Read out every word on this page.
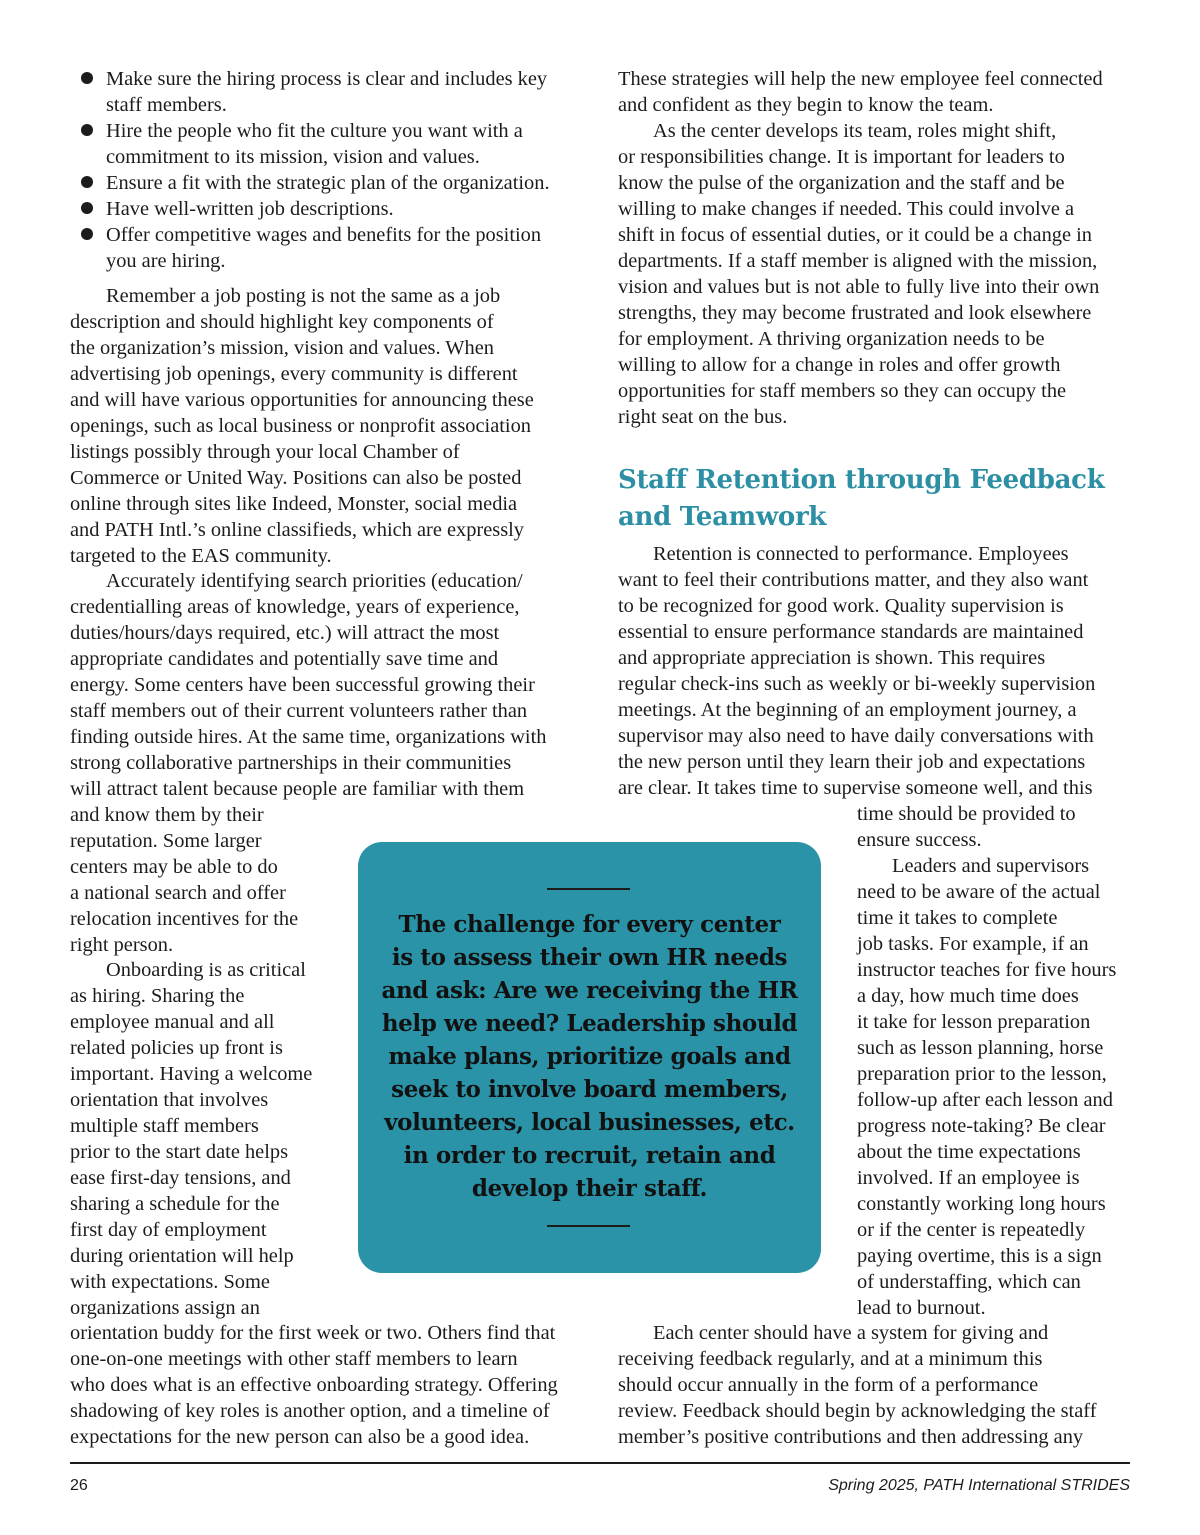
Make sure the hiring process is clear and includes key
staff members.
Hire the people who fit the culture you want with a
commitment to its mission, vision and values.
Ensure a fit with the strategic plan of the organization.
Have well-written job descriptions.
Offer competitive wages and benefits for the position
you are hiring.
Remember a job posting is not the same as a job
description and should highlight key components of
the organization’s mission, vision and values. When
advertising job openings, every community is different
and will have various opportunities for announcing these
openings, such as local business or nonprofit association
listings possibly through your local Chamber of
Commerce or United Way. Positions can also be posted
online through sites like Indeed, Monster, social media
and PATH Intl.’s online classifieds, which are expressly
targeted to the EAS community.
Accurately identifying search priorities (education/
credentialling areas of knowledge, years of experience,
duties/hours/days required, etc.) will attract the most
appropriate candidates and potentially save time and
energy. Some centers have been successful growing their
staff members out of their current volunteers rather than
finding outside hires. At the same time, organizations with
strong collaborative partnerships in their communities
will attract talent because people are familiar with them
and know them by their
reputation. Some larger
centers may be able to do
a national search and offer
relocation incentives for the
right person.
Onboarding is as critical
as hiring. Sharing the
employee manual and all
related policies up front is
important. Having a welcome
orientation that involves
multiple staff members
prior to the start date helps
ease first-day tensions, and
sharing a schedule for the
first day of employment
during orientation will help
with expectations. Some
organizations assign an
orientation buddy for the first week or two. Others find that
one-on-one meetings with other staff members to learn
who does what is an effective onboarding strategy. Offering
shadowing of key roles is another option, and a timeline of
expectations for the new person can also be a good idea.
These strategies will help the new employee feel connected
and confident as they begin to know the team.
As the center develops its team, roles might shift,
or responsibilities change. It is important for leaders to
know the pulse of the organization and the staff and be
willing to make changes if needed. This could involve a
shift in focus of essential duties, or it could be a change in
departments. If a staff member is aligned with the mission,
vision and values but is not able to fully live into their own
strengths, they may become frustrated and look elsewhere
for employment. A thriving organization needs to be
willing to allow for a change in roles and offer growth
opportunities for staff members so they can occupy the
right seat on the bus.
Staff Retention through Feedback
and Teamwork
Retention is connected to performance. Employees
want to feel their contributions matter, and they also want
to be recognized for good work. Quality supervision is
essential to ensure performance standards are maintained
and appropriate appreciation is shown. This requires
regular check-ins such as weekly or bi-weekly supervision
meetings. At the beginning of an employment journey, a
supervisor may also need to have daily conversations with
the new person until they learn their job and expectations
are clear. It takes time to supervise someone well, and this
time should be provided to
ensure success.
Leaders and supervisors
need to be aware of the actual
time it takes to complete
job tasks. For example, if an
instructor teaches for five hours
a day, how much time does
it take for lesson preparation
such as lesson planning, horse
preparation prior to the lesson,
follow-up after each lesson and
progress note-taking? Be clear
about the time expectations
involved. If an employee is
constantly working long hours
or if the center is repeatedly
paying overtime, this is a sign
of understaffing, which can
lead to burnout.
Each center should have a system for giving and
receiving feedback regularly, and at a minimum this
should occur annually in the form of a performance
review. Feedback should begin by acknowledging the staff
member’s positive contributions and then addressing any
The challenge for every center
is to assess their own HR needs
and ask: Are we receiving the HR
help we need? Leadership should
make plans, prioritize goals and
seek to involve board members,
volunteers, local businesses, etc.
in order to recruit, retain and
develop their staff.
26	Spring 2025, PATH International STRIDES
